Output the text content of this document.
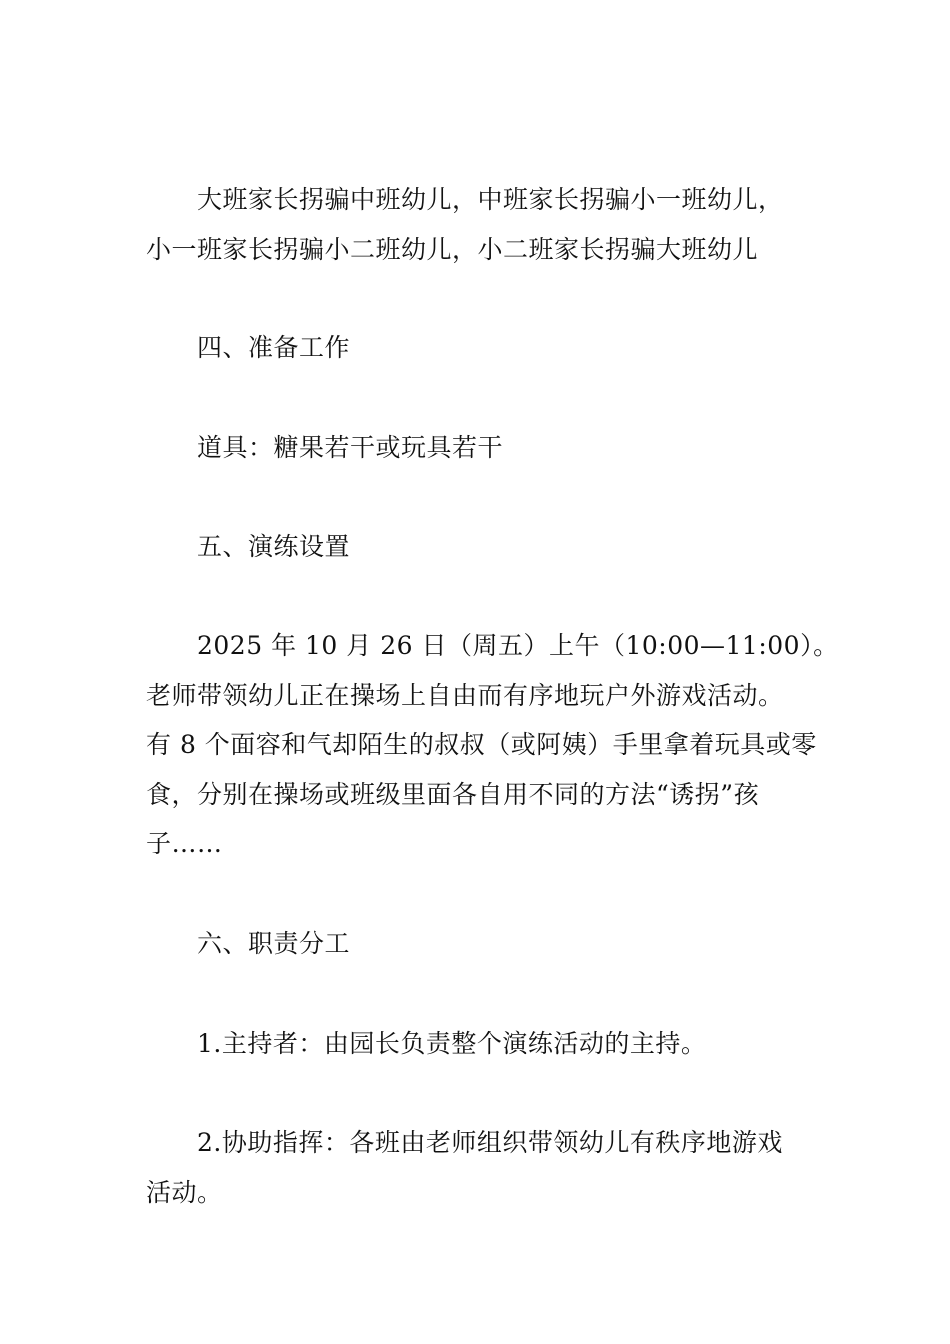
大班家长拐骗中班幼儿，中班家长拐骗小一班幼儿，
小一班家长拐骗小二班幼儿，小二班家长拐骗大班幼儿

四、准备工作

道具：糖果若干或玩具若干

五、演练设置

2025 年 10 月 26 日（周五）上午（10:00—11:00）。
老师带领幼儿正在操场上自由而有序地玩户外游戏活动。
有 8 个面容和气却陌生的叔叔（或阿姨）手里拿着玩具或零
食，分别在操场或班级里面各自用不同的方法“诱拐”孩
子……

六、职责分工

1.主持者：由园长负责整个演练活动的主持。

2.协助指挥：各班由老师组织带领幼儿有秩序地游戏
活动。
